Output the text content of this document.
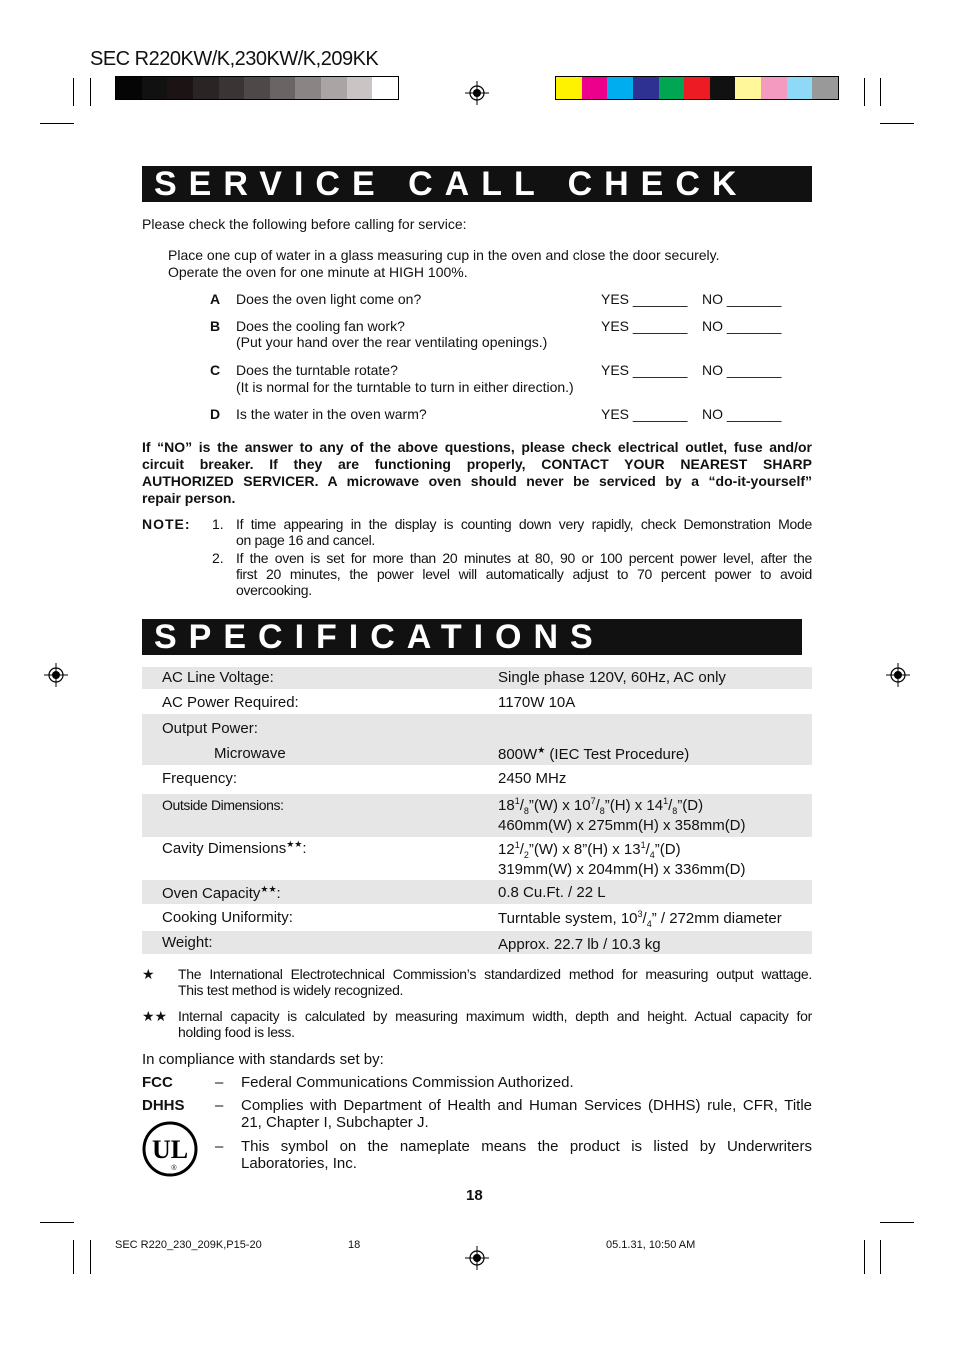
SEC R220KW/K,230KW/K,209KK
SERVICE CALL CHECK
Please check the following before calling for service:
Place one cup of water in a glass measuring cup in the oven and close the door securely.
Operate the oven for one minute at HIGH 100%.
A Does the oven light come on?	YES _______ NO _______
B Does the cooling fan work?
(Put your hand over the rear ventilating openings.)
YES _______ NO _______
C Does the turntable rotate?
(It is normal for the turntable to turn in either direction.)
YES _______ NO _______
D Is the water in the oven warm?	YES _______ NO _______
If “NO” is the answer to any of the above questions, please check electrical outlet, fuse and/or
circuit breaker. If they are functioning properly, CONTACT YOUR NEAREST SHARP
AUTHORIZED SERVICER. A microwave oven should never be serviced by a “do-it-yourself”
repair person.
NOTE: 1. If time appearing in the display is counting down very rapidly, check Demonstration Mode
on page 16 and cancel.
2. If the oven is set for more than 20 minutes at 80, 90 or 100 percent power level, after the
first 20 minutes, the power level will automatically adjust to 70 percent power to avoid
overcooking.
SPECIFICATIONS
AC Line Voltage:	Single phase 120V, 60Hz, AC only
AC Power Required:	1170W 10A
Output Power:
Microwave	800W★ (IEC Test Procedure)
Frequency:	2450 MHz
Outside Dimensions:	$18^1/_8”(W)$ x $10^7/_8”(H)$ x $14^1/_8”(D)$
460mm(W) x 275mm(H) x 358mm(D)
Cavity Dimensions★★:	$12^1/_2”(W)$ x 8”(H) x $13^1/_4”(D)$
319mm(W) x 204mm(H) x 336mm(D)
Oven Capacity★★:	0.8 Cu.Ft. / 22 L
Cooking Uniformity:	Turntable system, $10^3/_4$” / 272mm diameter
Weight:	Approx. 22.7 lb / 10.3 kg
★ The International Electrotechnical Commission’s standardized method for measuring output wattage.
This test method is widely recognized.
★★ Internal capacity is calculated by measuring maximum width, depth and height. Actual capacity for
holding food is less.
In compliance with standards set by:
FCC	– Federal Communications Commission Authorized.
DHHS – Complies with Department of Health and Human Services (DHHS) rule, CFR, Title
21, Chapter I, Subchapter J.
UL
®
– This symbol on the nameplate means the product is listed by Underwriters
Laboratories, Inc.
18
SEC R220_230_209K,P15-20	18	05.1.31, 10:50 AM
